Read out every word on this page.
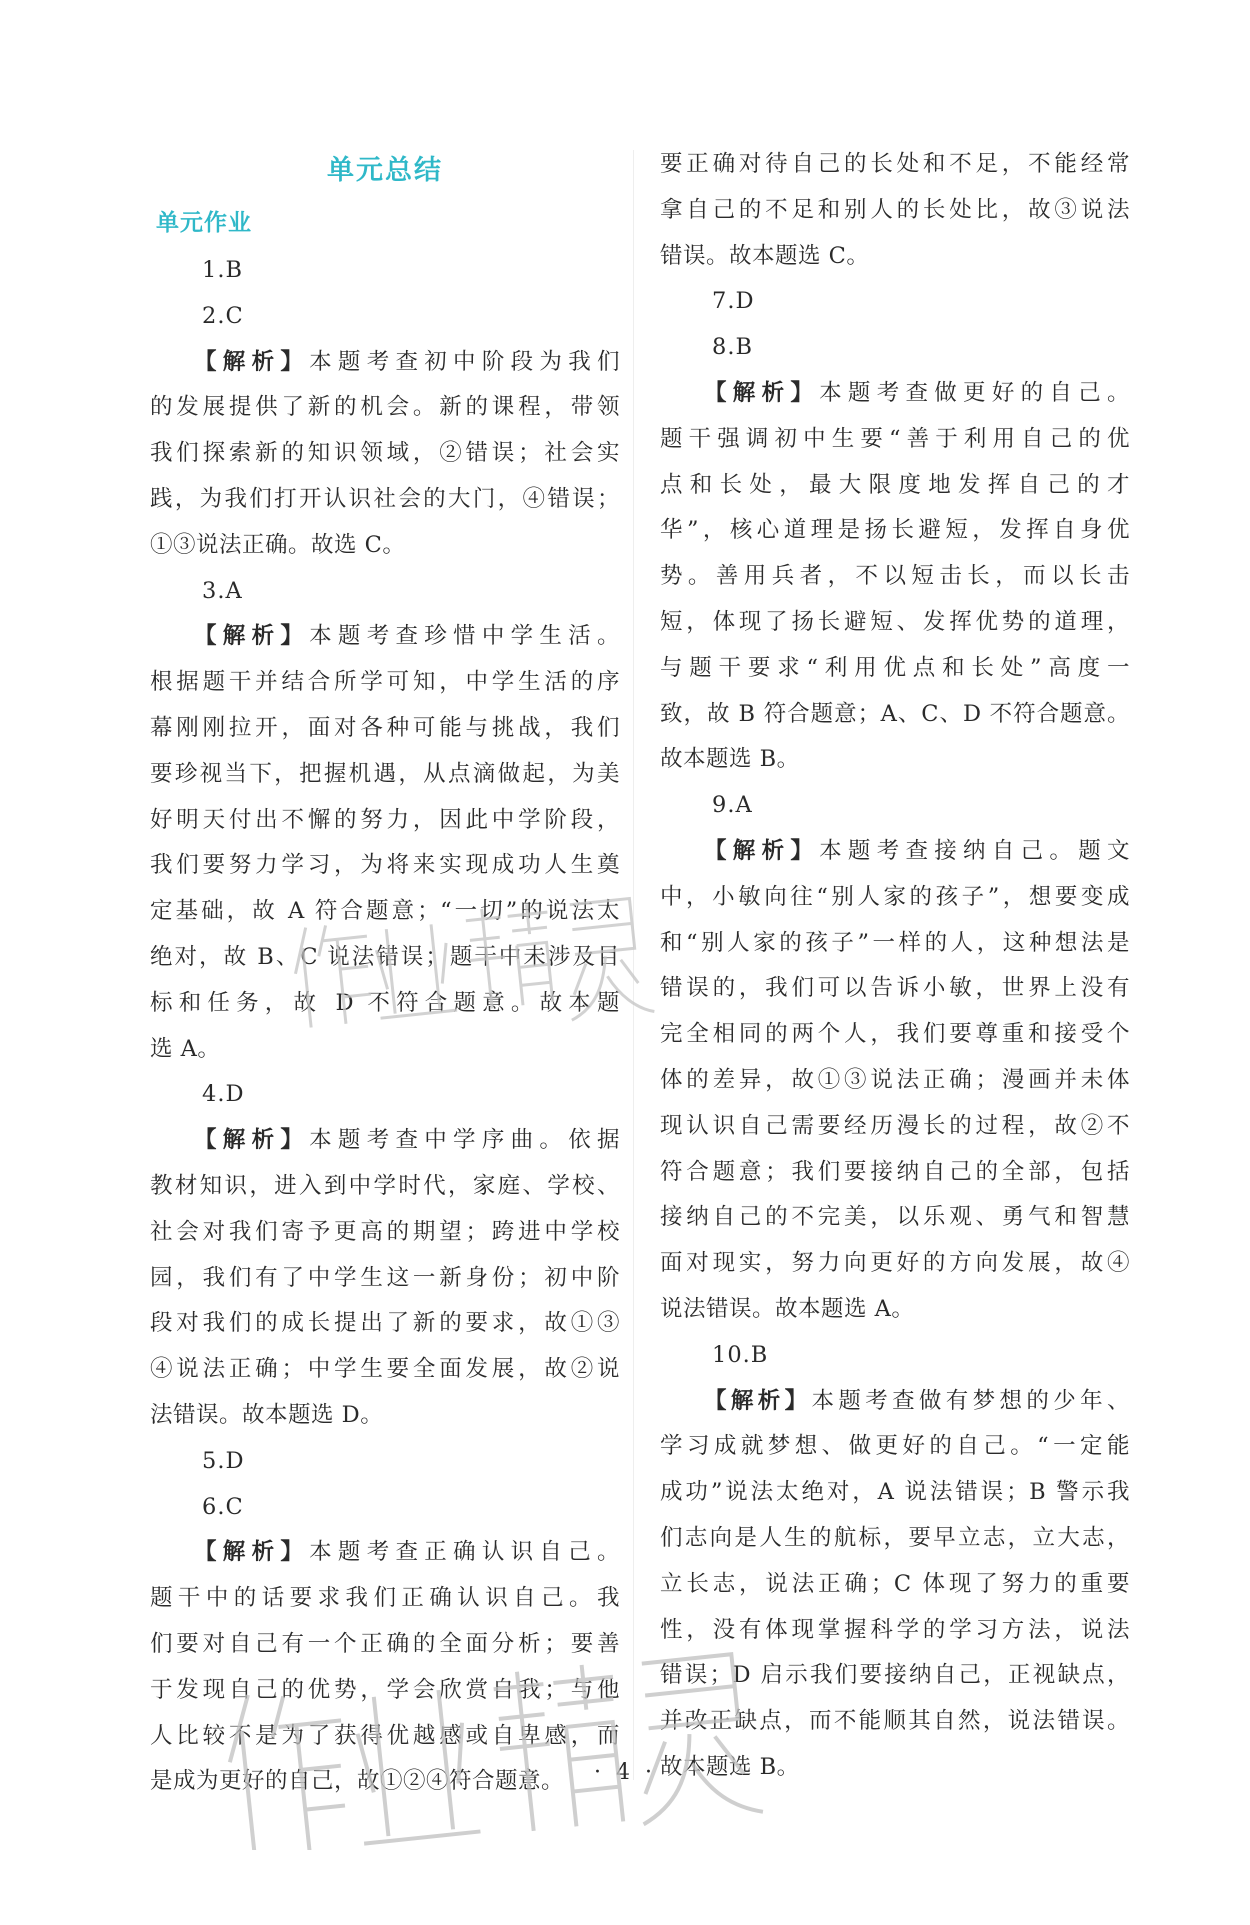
单元总结
单元作业
1.B
2.C
【解析】本题考查初中阶段为我们
的发展提供了新的机会。新的课程，带领
我们探索新的知识领域，②错误；社会实
践，为我们打开认识社会的大门，④错误；
①③说法正确。故选 C。
3.A
【解析】本题考查珍惜中学生活。
根据题干并结合所学可知，中学生活的序
幕刚刚拉开，面对各种可能与挑战，我们
要珍视当下，把握机遇，从点滴做起，为美
好明天付出不懈的努力，因此中学阶段，
我们要努力学习，为将来实现成功人生奠
定基础，故 A 符合题意；“一切”的说法太
绝对，故 B、C 说法错误；题干中未涉及目
标和任务，故 D 不符合题意。故本题
选 A。
4.D
【解析】本题考查中学序曲。依据
教材知识，进入到中学时代，家庭、学校、
社会对我们寄予更高的期望；跨进中学校
园，我们有了中学生这一新身份；初中阶
段对我们的成长提出了新的要求，故①③
④说法正确；中学生要全面发展，故②说
法错误。故本题选 D。
5.D
6.C
【解析】本题考查正确认识自己。
题干中的话要求我们正确认识自己。我
们要对自己有一个正确的全面分析；要善
于发现自己的优势，学会欣赏自我；与他
人比较不是为了获得优越感或自卑感，而
是成为更好的自己，故①②④符合题意。
要正确对待自己的长处和不足，不能经常
拿自己的不足和别人的长处比，故③说法
错误。故本题选 C。
7.D
8.B
【解析】本题考查做更好的自己。
题干强调初中生要“善于利用自己的优
点和长处，最大限度地发挥自己的才
华”，核心道理是扬长避短，发挥自身优
势。善用兵者，不以短击长，而以长击
短，体现了扬长避短、发挥优势的道理，
与题干要求“利用优点和长处”高度一
致，故 B 符合题意；A、C、D 不符合题意。
故本题选 B。
9.A
【解析】本题考查接纳自己。题文
中，小敏向往“别人家的孩子”，想要变成
和“别人家的孩子”一样的人，这种想法是
错误的，我们可以告诉小敏，世界上没有
完全相同的两个人，我们要尊重和接受个
体的差异，故①③说法正确；漫画并未体
现认识自己需要经历漫长的过程，故②不
符合题意；我们要接纳自己的全部，包括
接纳自己的不完美，以乐观、勇气和智慧
面对现实，努力向更好的方向发展，故④
说法错误。故本题选 A。
10.B
【解析】本题考查做有梦想的少年、
学习成就梦想、做更好的自己。“一定能
成功”说法太绝对，A 说法错误；B 警示我
们志向是人生的航标，要早立志，立大志，
立长志，说法正确；C 体现了努力的重要
性，没有体现掌握科学的学习方法，说法
错误；D 启示我们要接纳自己，正视缺点，
并改正缺点，而不能顺其自然，说法错误。
故本题选 B。
· 4 ·
